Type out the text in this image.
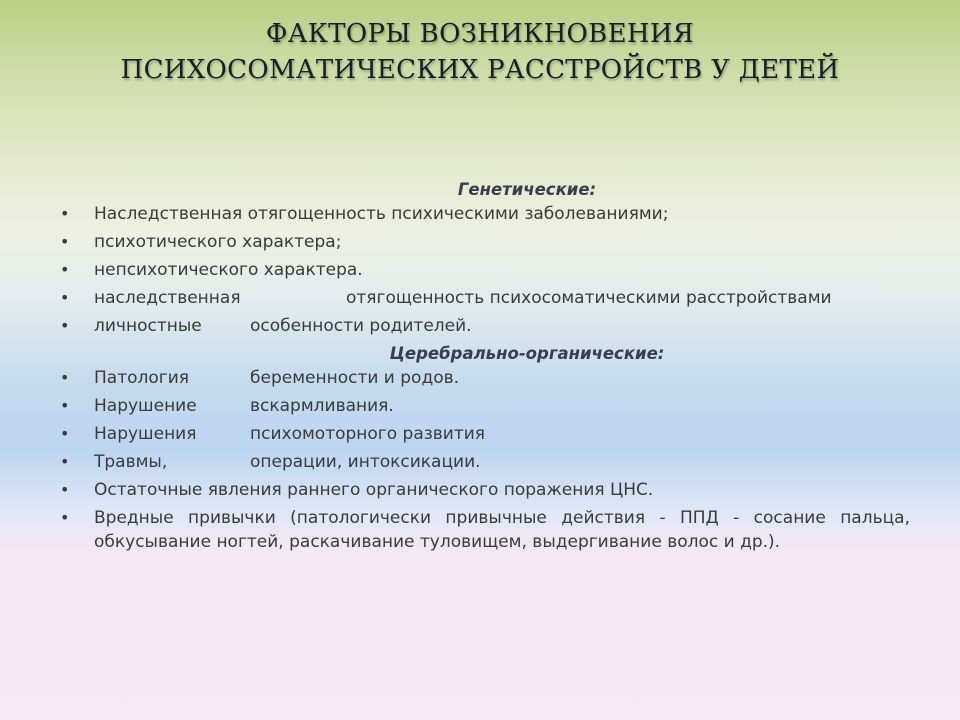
ФАКТОРЫ ВОЗНИКНОВЕНИЯ
ПСИХОСОМАТИЧЕСКИХ РАССТРОЙСТВ У ДЕТЕЙ
Генетические:
•	Наследственная отягощенность психическими заболеваниями;
•	психотического характера;
•	непсихотического характера.
•	наследственная	отягощенность психосоматическими расстройствами
•	личностные	особенности родителей.
Церебрально-органические:
•	Патология	беременности и родов.
•	Нарушение	вскармливания.
•	Нарушения	психомоторного развития
•	Травмы,	операции, интоксикации.
•	Остаточные явления раннего органического поражения ЦНС.
•	Вредные привычки (патологически привычные действия - ППД - сосание пальца, обкусывание ногтей, раскачивание туловищем, выдергивание волос и др.).
